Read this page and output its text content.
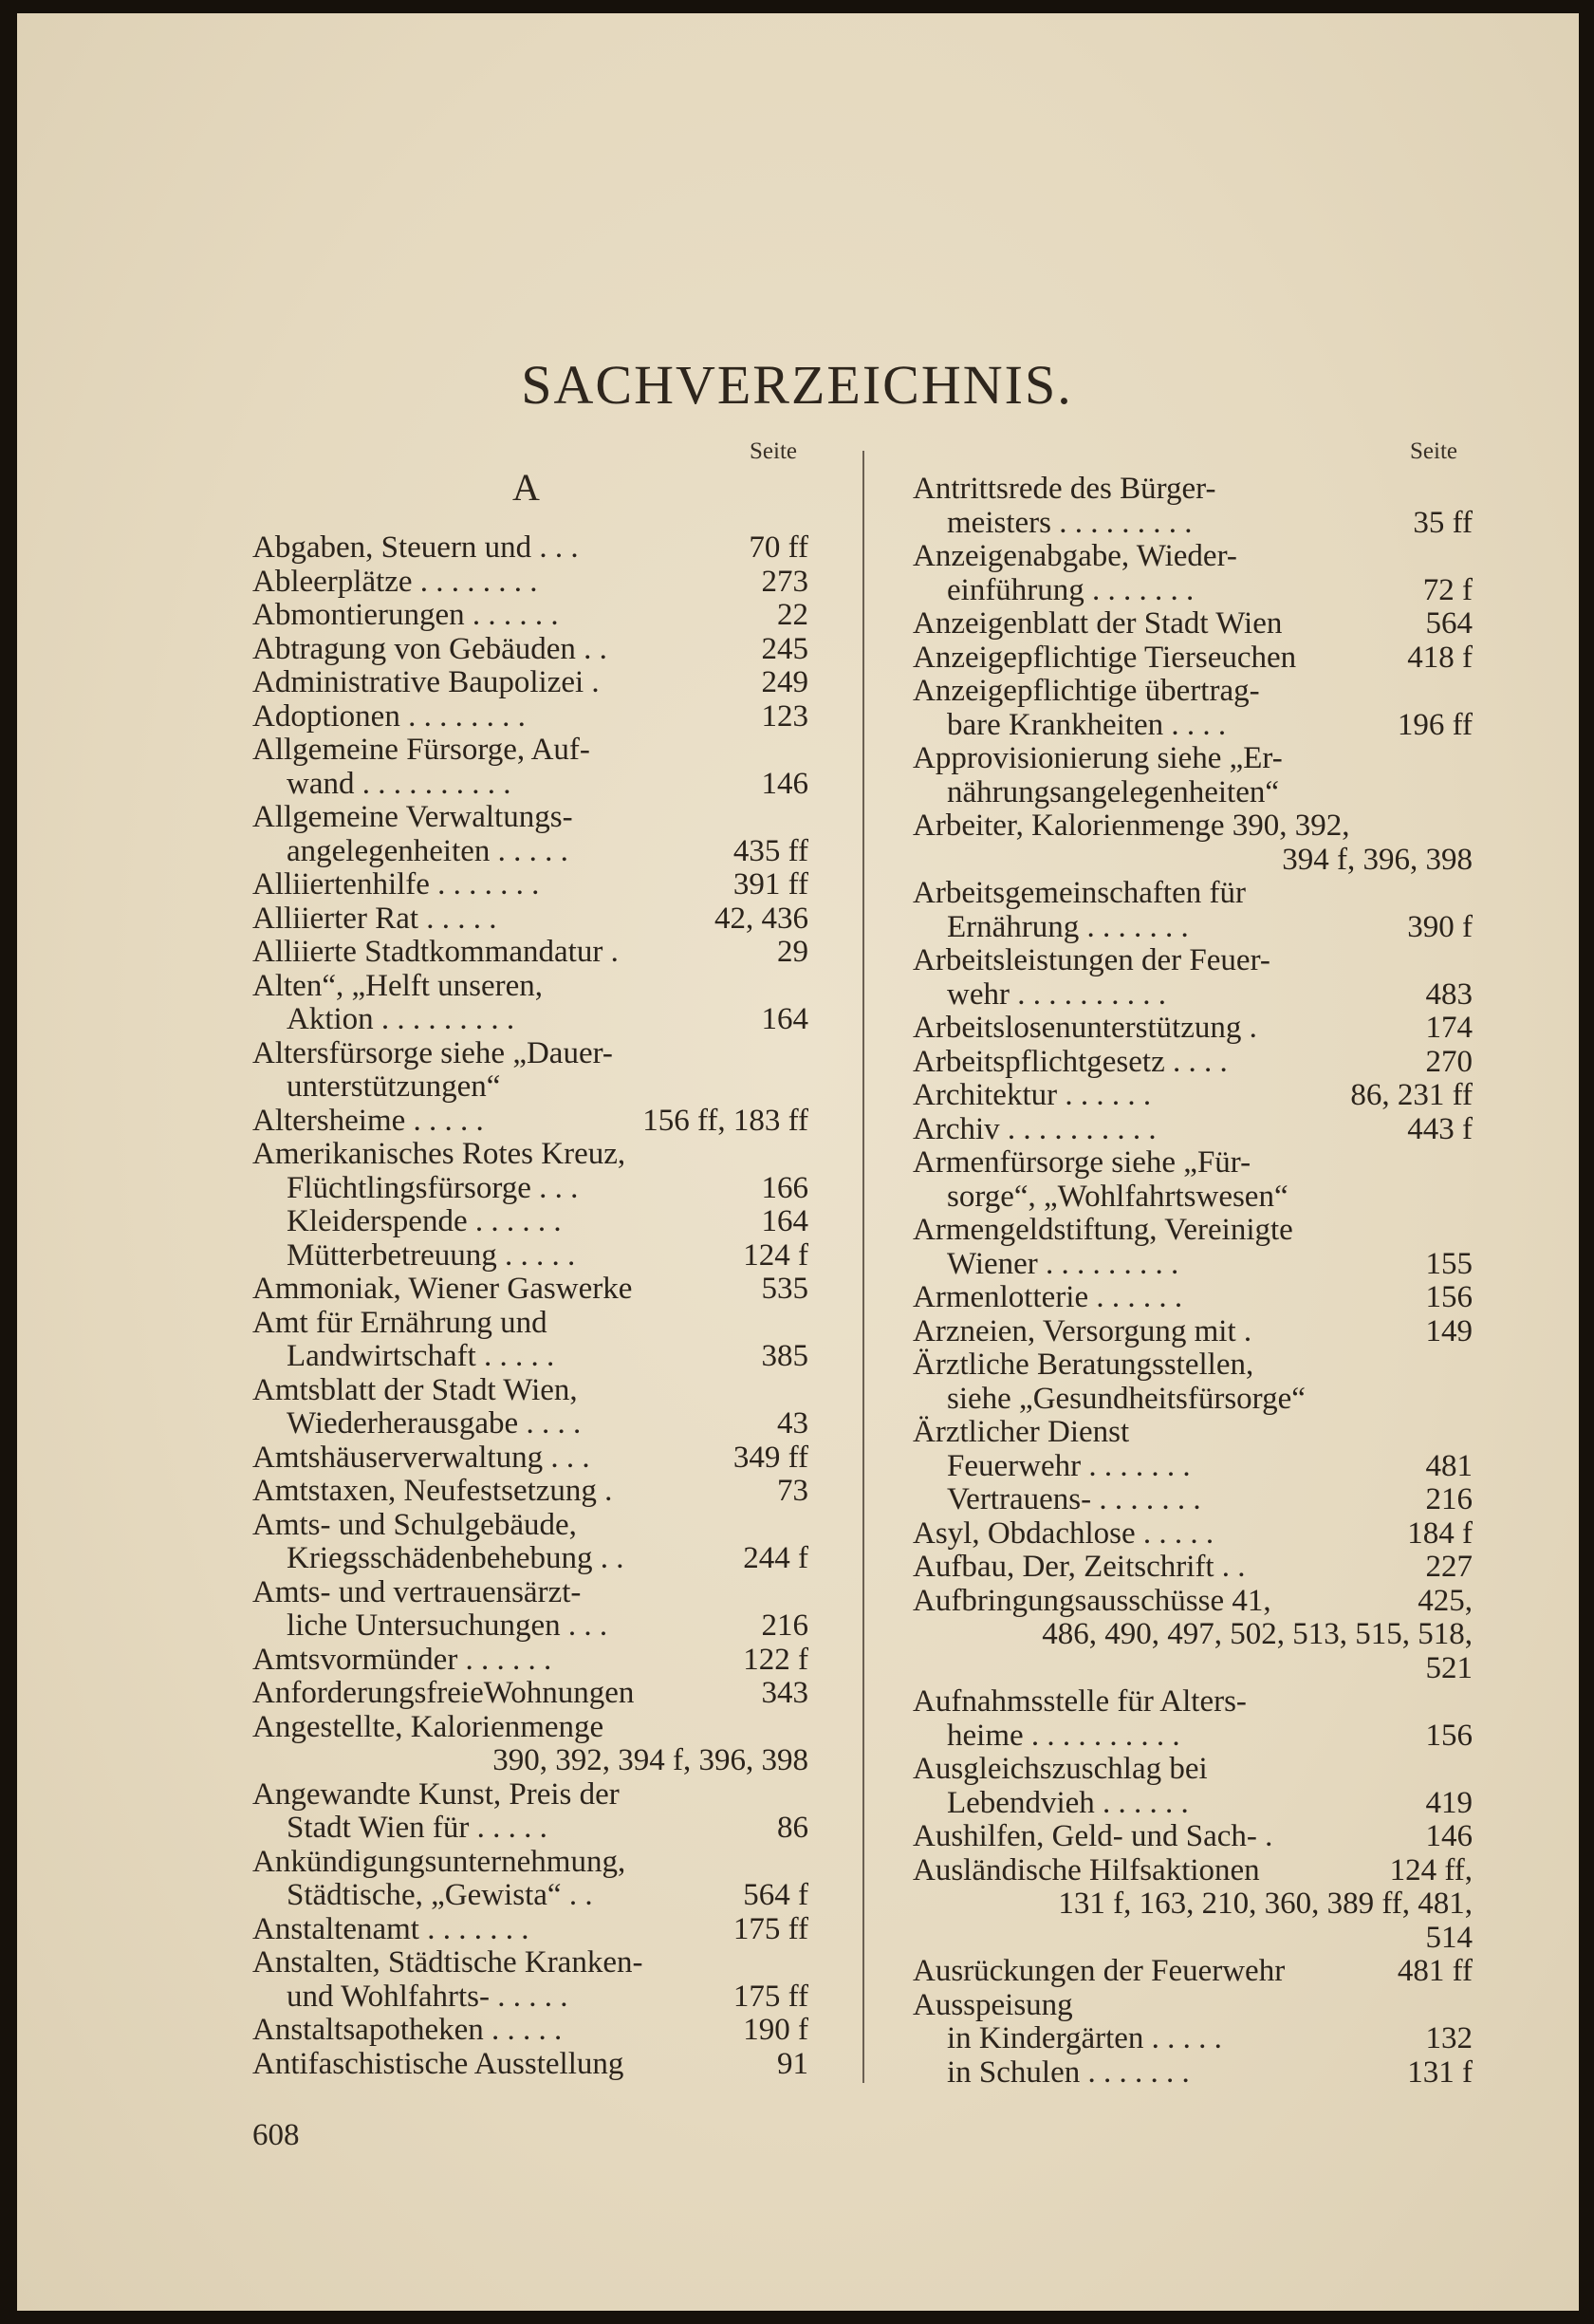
SACHVERZEICHNIS.
Seite	Seite
A
Abgaben, Steuern und . . .	70 ff
Ableerplätze . . . . . . . .	273
Abmontierungen . . . . . .	22
Abtragung von Gebäuden . .	245
Administrative Baupolizei .	249
Adoptionen . . . . . . . .	123
Allgemeine Fürsorge, Auf-
wand . . . . . . . . . .	146
Allgemeine Verwaltungs-
angelegenheiten . . . . .	435 ff
Alliiertenhilfe . . . . . . .	391 ff
Alliierter Rat . . . . .	42, 436
Alliierte Stadtkommandatur .	29
Alten“, „Helft unseren,
Aktion . . . . . . . . .	164
Altersfürsorge siehe „Dauer-
unterstützungen“
Altersheime . . . . .	156 ff, 183 ff
Amerikanisches Rotes Kreuz,
Flüchtlingsfürsorge . . .	166
Kleiderspende . . . . . .	164
Mütterbetreuung . . . . .	124 f
Ammoniak, Wiener Gaswerke	535
Amt für Ernährung und
Landwirtschaft . . . . .	385
Amtsblatt der Stadt Wien,
Wiederherausgabe . . . .	43
Amtshäuserverwaltung . . .	349 ff
Amtstaxen, Neufestsetzung .	73
Amts- und Schulgebäude,
Kriegsschädenbehebung . .	244 f
Amts- und vertrauensärzt-
liche Untersuchungen . . .	216
Amtsvormünder . . . . . .	122 f
AnforderungsfreieWohnungen	343
Angestellte, Kalorienmenge
390, 392, 394 f, 396, 398
Angewandte Kunst, Preis der
Stadt Wien für . . . . .	86
Ankündigungsunternehmung,
Städtische, „Gewista“ . .	564 f
Anstaltenamt . . . . . . .	175 ff
Anstalten, Städtische Kranken-
und Wohlfahrts- . . . . .	175 ff
Anstaltsapotheken . . . . .	190 f
Antifaschistische Ausstellung	91
Antrittsrede des Bürger-
meisters . . . . . . . . .	35 ff
Anzeigenabgabe, Wieder-
einführung . . . . . . .	72 f
Anzeigenblatt der Stadt Wien	564
Anzeigepflichtige Tierseuchen	418 f
Anzeigepflichtige übertrag-
bare Krankheiten . . . .	196 ff
Approvisionierung siehe „Er-
nährungsangelegenheiten“
Arbeiter, Kalorienmenge 390, 392,
394 f, 396, 398
Arbeitsgemeinschaften für
Ernährung . . . . . . .	390 f
Arbeitsleistungen der Feuer-
wehr . . . . . . . . . .	483
Arbeitslosenunterstützung .	174
Arbeitspflichtgesetz . . . .	270
Architektur . . . . . .	86, 231 ff
Archiv . . . . . . . . . .	443 f
Armenfürsorge siehe „Für-
sorge“, „Wohlfahrtswesen“
Armengeldstiftung, Vereinigte
Wiener . . . . . . . . .	155
Armenlotterie . . . . . .	156
Arzneien, Versorgung mit .	149
Ärztliche Beratungsstellen,
siehe „Gesundheitsfürsorge“
Ärztlicher Dienst
Feuerwehr . . . . . . .	481
Vertrauens- . . . . . . .	216
Asyl, Obdachlose . . . . .	184 f
Aufbau, Der, Zeitschrift . .	227
Aufbringungsausschüsse 41,	425,
486, 490, 497, 502, 513, 515, 518,
521
Aufnahmsstelle für Alters-
heime . . . . . . . . . .	156
Ausgleichszuschlag bei
Lebendvieh . . . . . .	419
Aushilfen, Geld- und Sach- .	146
Ausländische Hilfsaktionen	124 ff,
131 f, 163, 210, 360, 389 ff, 481,
514
Ausrückungen der Feuerwehr	481 ff
Ausspeisung
in Kindergärten . . . . .	132
in Schulen . . . . . . .	131 f
608
